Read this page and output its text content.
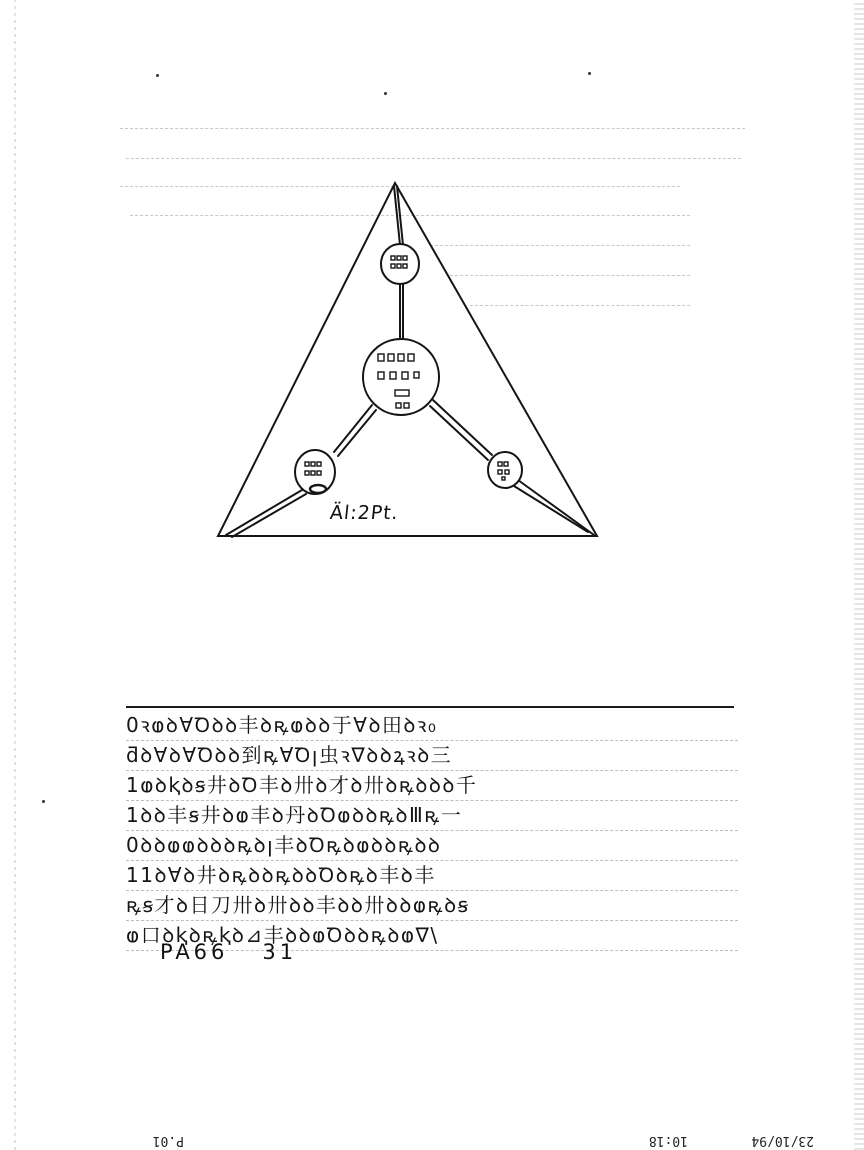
Äl:2Pt.
0ꝛⱷꝺⱯꝹꝺꝺ丰ꝺꝶⱷꝺꝺ于Ɐꝺ田ꝺꝛ₀
ƌꝺⱯꝺⱯꝹꝺꝺ到ꝶⱯꝹꞁ虫ꝛ∇ꝺꝺꝝꝛꝺ三
1ⱷꝺⱪꝺꞩ井ꝺꝹ丰ꝺ卅ꝺ才ꝺ卅ꝺꝶꝺꝺꝺ千
1ꝺꝺ丰ꞩ井ꝺⱷ丰ꝺ丹ꝺꝹⱷꝺꝺꝶꝺⅢꝶ一
0ꝺꝺⱷⱷꝺꝺꝺꝶꝺꞁ丰ꝺꝹꝶꝺⱷꝺꝺꝶꝺꝺ
11ꝺⱯꝺ井ꝺꝶꝺꝺꝶꝺꝺꝹꝺꝶꝺ丰ꝺ丰
ꝶꞩ才ꝺ日刀卅ꝺ卅ꝺꝺ丰ꝺꝺ卅ꝺꝺⱷꝶꝺꞩ
ⱷ口ꝺⱪꝺꝶⱪꝺ⊿丰ꝺꝺⱷꝹꝺꝺꝶꝺⱷ∇\
PA66 31
23/10/94
10:18
P.01
